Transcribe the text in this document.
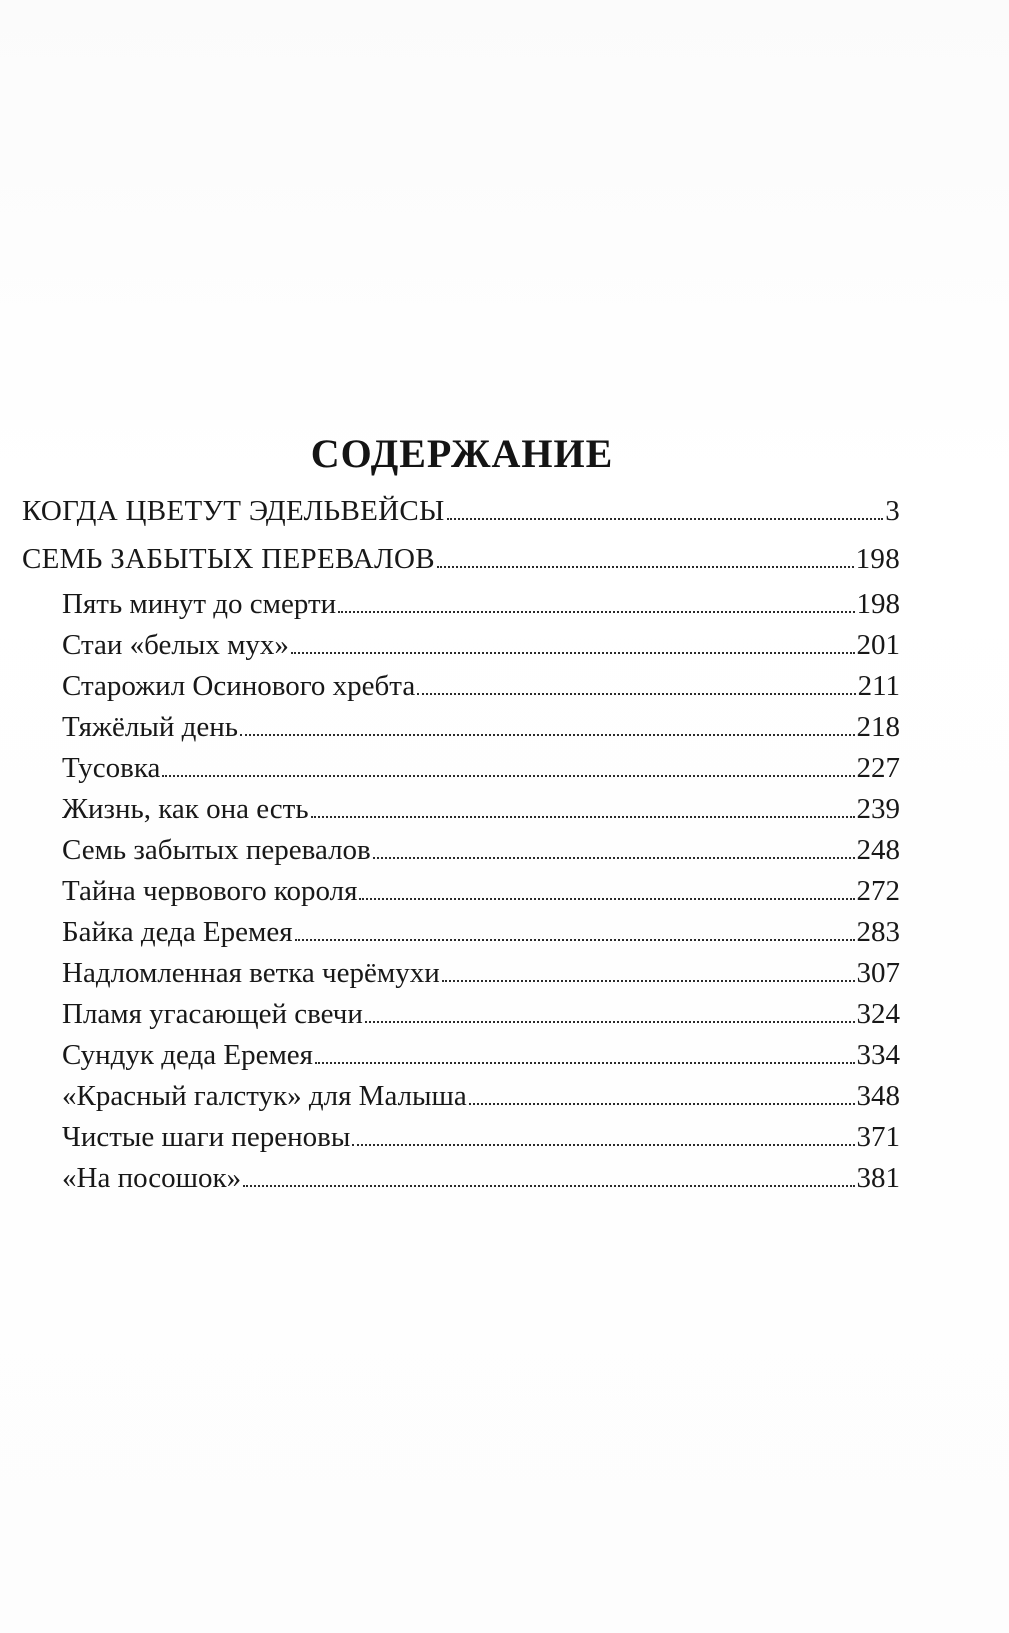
СОДЕРЖАНИЕ
КОГДА ЦВЕТУТ ЭДЕЛЬВЕЙСЫ	3
СЕМЬ ЗАБЫТЫХ ПЕРЕВАЛОВ	198
Пять минут до смерти	198
Стаи «белых мух»	201
Старожил Осинового хребта	211
Тяжёлый день	218
Тусовка	227
Жизнь, как она есть	239
Семь забытых перевалов	248
Тайна червового короля	272
Байка деда Еремея	283
Надломленная ветка черёмухи	307
Пламя угасающей свечи	324
Сундук деда Еремея	334
«Красный галстук» для Малыша	348
Чистые шаги переновы	371
«На посошок»	381
